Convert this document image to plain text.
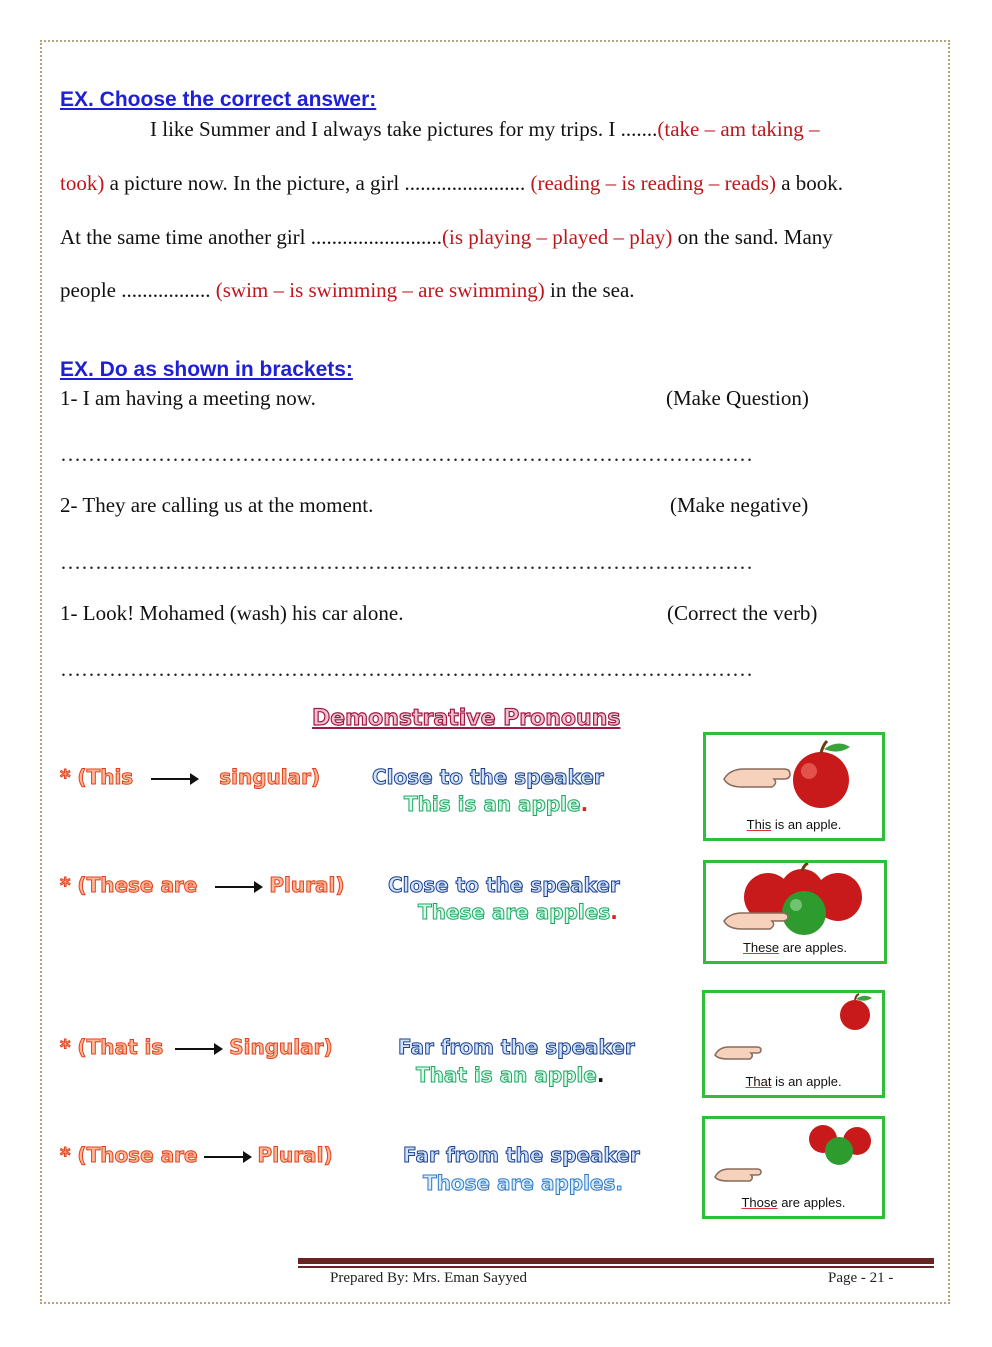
EX. Choose the correct answer:
I like Summer and I always take pictures for my trips. I .......(take – am taking –
took) a picture now. In the picture, a girl ....................... (reading – is reading – reads) a book.
At the same time another girl .........................(is playing – played – play) on the sand. Many
people ................. (swim – is swimming – are swimming) in the sea.
EX. Do as shown in brackets:
1- I am having a meeting now.	(Make Question)
………………………………………………………………………………………
2- They are calling us at the moment.	(Make negative)
………………………………………………………………………………………
1- Look! Mohamed (wash) his car alone.	(Correct the verb)
………………………………………………………………………………………
Demonstrative Pronouns
* (This	singular)	Close to the speaker
This is an apple.
This is an apple.
* (These are	Plural) Close to the speaker
These are apples.
These are apples.
* (That is	Singular)	Far from the speaker
That is an apple.	That is an apple.
* (Those are	Plural)	Far from the speaker
Those are apples.
Those are apples.
Prepared By: Mrs. Eman Sayyed	Page - 21 -
